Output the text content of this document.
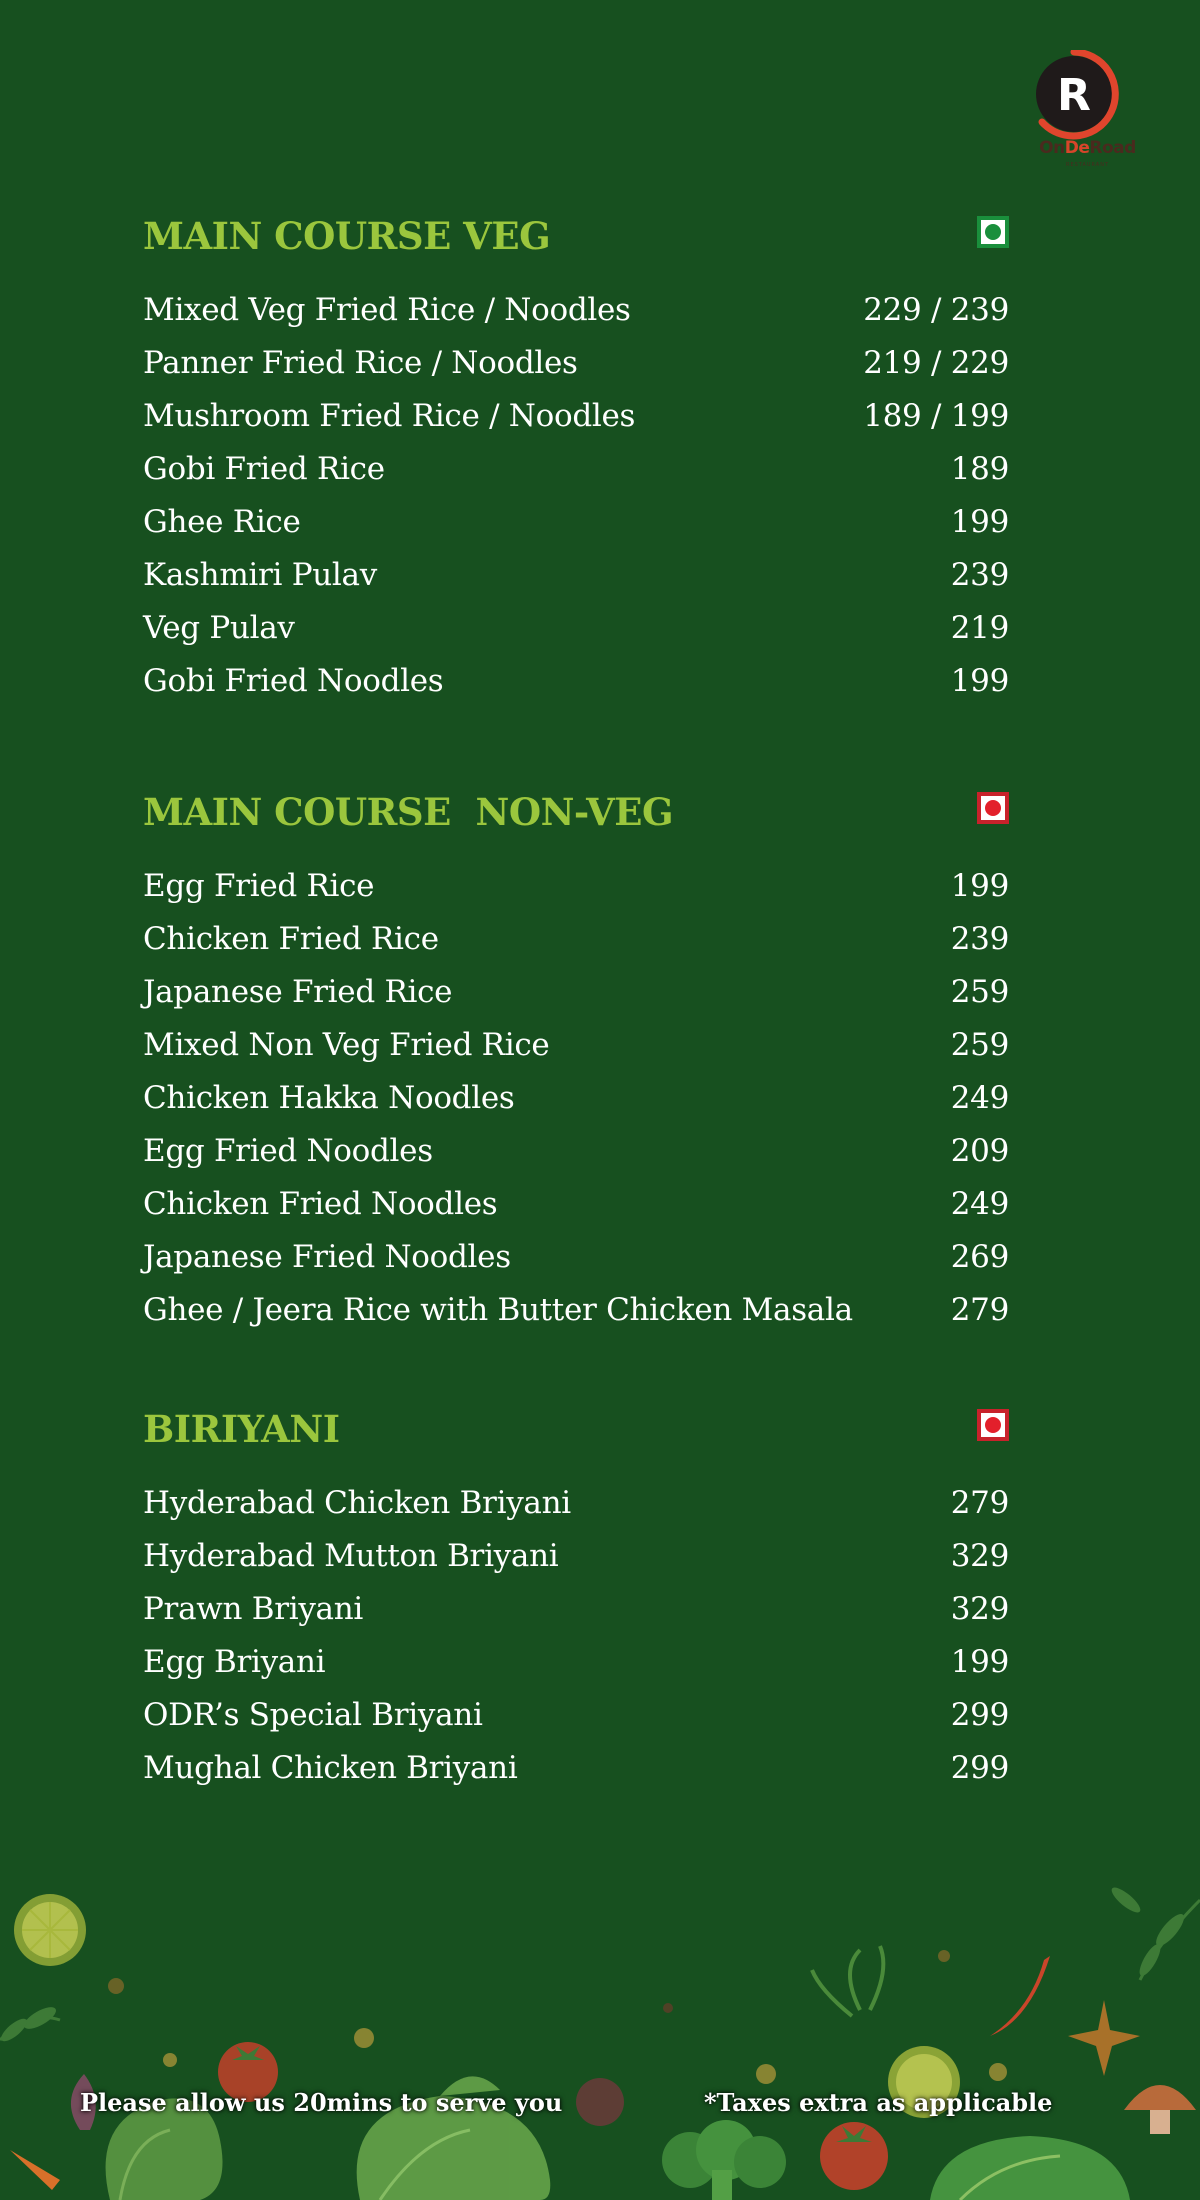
R
OnDeRoad
RESTAURANT
MAIN COURSE VEG
Mixed Veg Fried Rice / Noodles	229 / 239
Panner Fried Rice / Noodles	219 / 229
Mushroom Fried Rice / Noodles	189 / 199
Gobi Fried Rice	189
Ghee Rice	199
Kashmiri Pulav	239
Veg Pulav	219
Gobi Fried Noodles	199
MAIN COURSE  NON-VEG
Egg Fried Rice	199
Chicken Fried Rice	239
Japanese Fried Rice	259
Mixed Non Veg Fried Rice	259
Chicken Hakka Noodles	249
Egg Fried Noodles	209
Chicken Fried Noodles	249
Japanese Fried Noodles	269
Ghee / Jeera Rice with Butter Chicken Masala	279
BIRIYANI
Hyderabad Chicken Briyani	279
Hyderabad Mutton Briyani	329
Prawn Briyani	329
Egg Briyani	199
ODR’s Special Briyani	299
Mughal Chicken Briyani	299
Please allow us 20mins to serve you	*Taxes extra as applicable
